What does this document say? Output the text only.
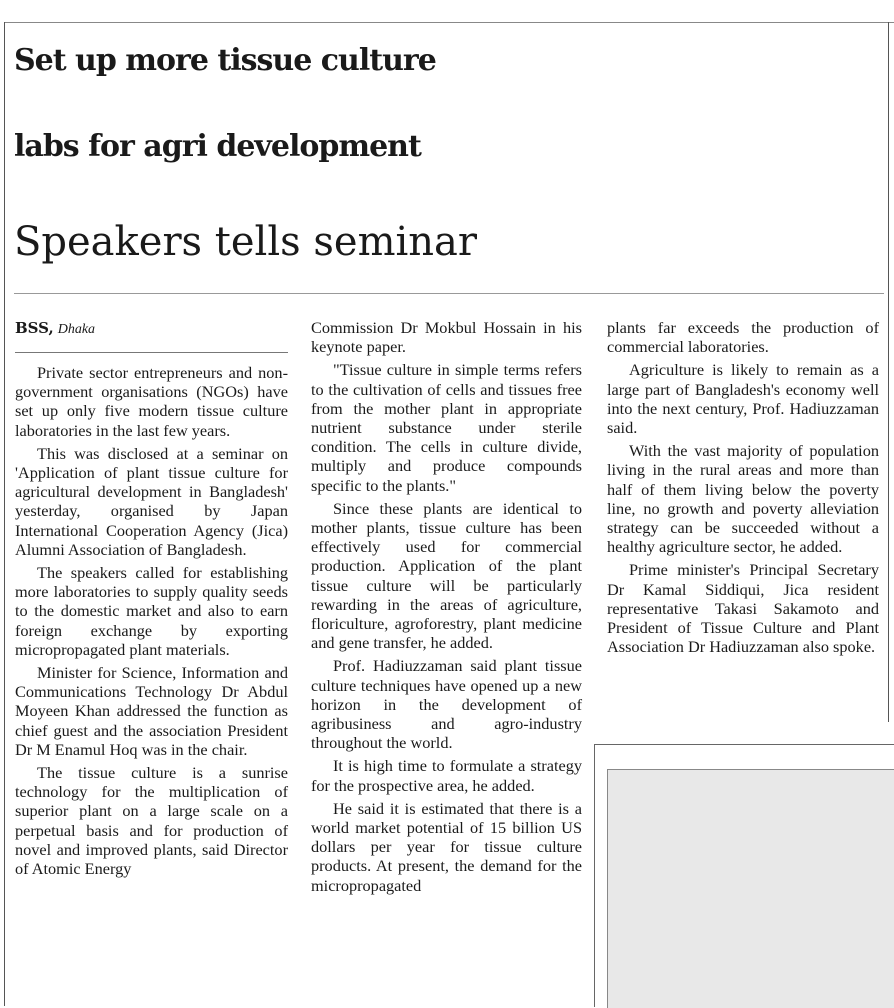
Set up more tissue culture
labs for agri development
Speakers tells seminar
BSS, Dhaka

Private sector entrepreneurs and non-government organisations (NGOs) have set up only five modern tissue culture laboratories in the last few years.

This was disclosed at a seminar on 'Application of plant tissue culture for agricultural development in Bangladesh' yesterday, organised by Japan International Cooperation Agency (Jica) Alumni Association of Bangladesh.

The speakers called for establishing more laboratories to supply quality seeds to the domestic market and also to earn foreign exchange by exporting micropropagated plant materials.

Minister for Science, Information and Communications Technology Dr Abdul Moyeen Khan addressed the function as chief guest and the association President Dr M Enamul Hoq was in the chair.

The tissue culture is a sunrise technology for the multiplication of superior plant on a large scale on a perpetual basis and for production of novel and improved plants, said Director of Atomic Energy

Commission Dr Mokbul Hossain in his keynote paper.

"Tissue culture in simple terms refers to the cultivation of cells and tissues free from the mother plant in appropriate nutrient substance under sterile condition. The cells in culture divide, multiply and produce compounds specific to the plants."

Since these plants are identical to mother plants, tissue culture has been effectively used for commercial production. Application of the plant tissue culture will be particularly rewarding in the areas of agriculture, floriculture, agroforestry, plant medicine and gene transfer, he added.

Prof. Hadiuzzaman said plant tissue culture techniques have opened up a new horizon in the development of agribusiness and agro-industry throughout the world.

It is high time to formulate a strategy for the prospective area, he added.

He said it is estimated that there is a world market potential of 15 billion US dollars per year for tissue culture products. At present, the demand for the micropropagated

plants far exceeds the production of commercial laboratories.

Agriculture is likely to remain as a large part of Bangladesh's economy well into the next century, Prof. Hadiuzzaman said.

With the vast majority of population living in the rural areas and more than half of them living below the poverty line, no growth and poverty alleviation strategy can be succeeded without a healthy agriculture sector, he added.

Prime minister's Principal Secretary Dr Kamal Siddiqui, Jica resident representative Takasi Sakamoto and President of Tissue Culture and Plant Association Dr Hadiuzzaman also spoke.
